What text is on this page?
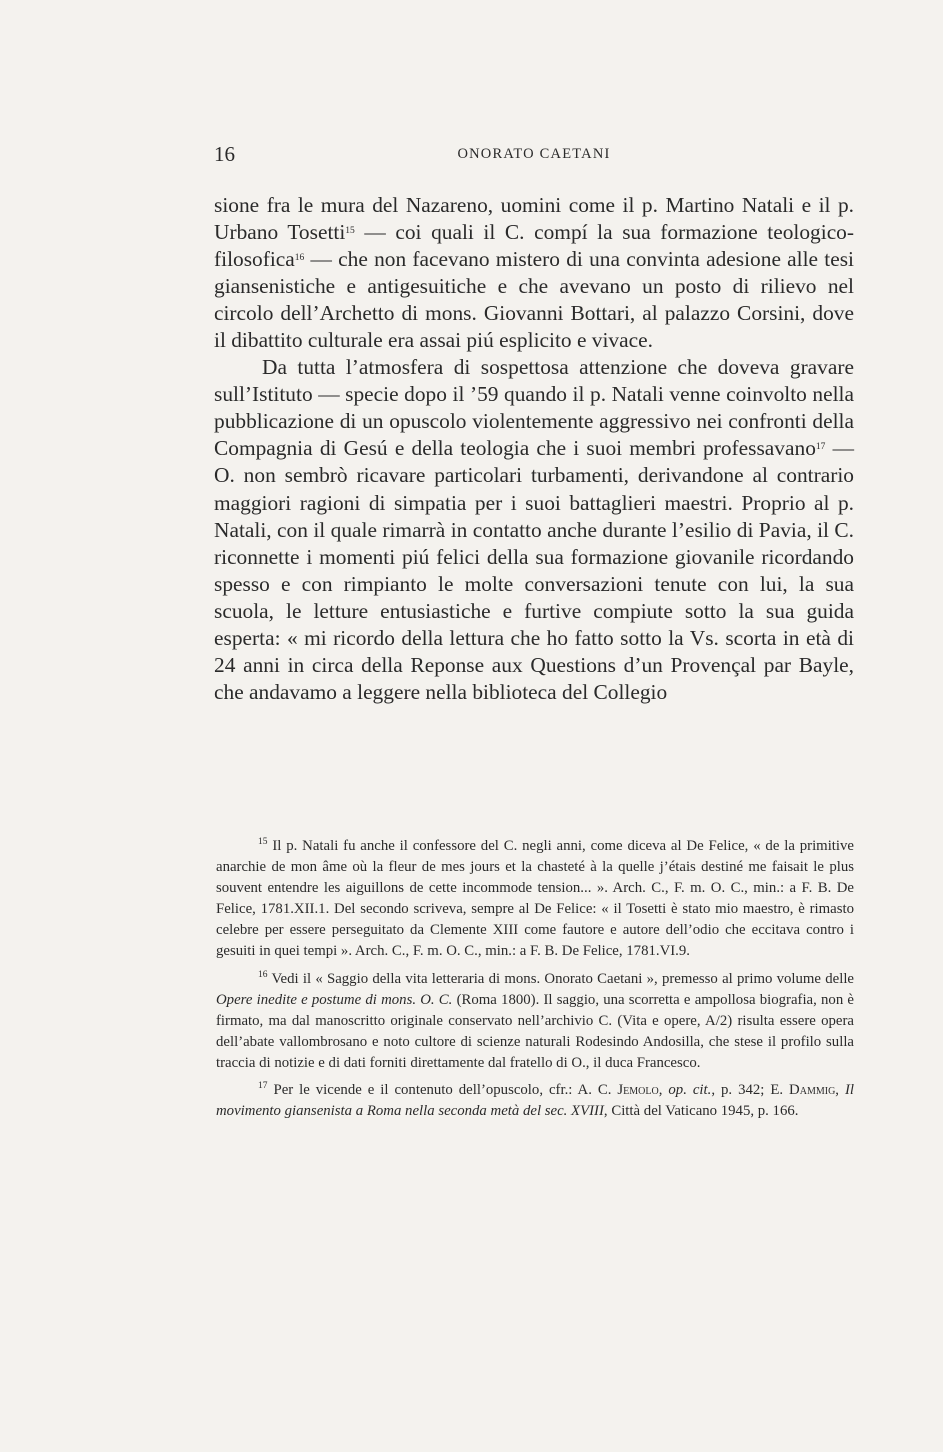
16	ONORATO CAETANI

sione fra le mura del Nazareno, uomini come il p. Martino Natali e il p. Urbano Tosetti$^{15}$ — coi quali il C. compí la sua formazione teologico-filosofica$^{16}$ — che non facevano mistero di una convinta adesione alle tesi giansenistiche e antigesuitiche e che avevano un posto di rilievo nel circolo dell’Archetto di mons. Giovanni Bottari, al palazzo Corsini, dove il dibattito culturale era assai piú esplicito e vivace.

Da tutta l’atmosfera di sospettosa attenzione che doveva gravare sull’Istituto — specie dopo il ’59 quando il p. Natali venne coinvolto nella pubblicazione di un opuscolo violentemente aggressivo nei confronti della Compagnia di Gesú e della teologia che i suoi membri professavano$^{17}$ — O. non sembrò ricavare particolari turbamenti, derivandone al contrario maggiori ragioni di simpatia per i suoi battaglieri maestri. Proprio al p. Natali, con il quale rimarrà in contatto anche durante l’esilio di Pavia, il C. riconnette i momenti piú felici della sua formazione giovanile ricordando spesso e con rimpianto le molte conversazioni tenute con lui, la sua scuola, le letture entusiastiche e furtive compiute sotto la sua guida esperta: « mi ricordo della lettura che ho fatto sotto la Vs. scorta in età di 24 anni in circa della Reponse aux Questions d’un Provençal par Bayle, che andavamo a leggere nella biblioteca del Collegio

$^{15}$ Il p. Natali fu anche il confessore del C. negli anni, come diceva al De Felice, « de la primitive anarchie de mon âme où la fleur de mes jours et la chasteté à la quelle j’étais destiné me faisait le plus souvent entendre les aiguillons de cette incommode tension... ». Arch. C., F. m. O. C., min.: a F. B. De Felice, 1781.XII.1. Del secondo scriveva, sempre al De Felice: « il Tosetti è stato mio maestro, è rimasto celebre per essere perseguitato da Clemente XIII come fautore e autore dell’odio che eccitava contro i gesuiti in quei tempi ». Arch. C., F. m. O. C., min.: a F. B. De Felice, 1781.VI.9.

$^{16}$ Vedi il « Saggio della vita letteraria di mons. Onorato Caetani », premesso al primo volume delle Opere inedite e postume di mons. O. C. (Roma 1800). Il saggio, una scorretta e ampollosa biografia, non è firmato, ma dal manoscritto originale conservato nell’archivio C. (Vita e opere, A/2) risulta essere opera dell’abate vallombrosano e noto cultore di scienze naturali Rodesindo Andosilla, che stese il profilo sulla traccia di notizie e di dati forniti direttamente dal fratello di O., il duca Francesco.

$^{17}$ Per le vicende e il contenuto dell’opuscolo, cfr.: A. C. Jemolo, op. cit., p. 342; E. Dammig, Il movimento giansenista a Roma nella seconda metà del sec. XVIII, Città del Vaticano 1945, p. 166.
